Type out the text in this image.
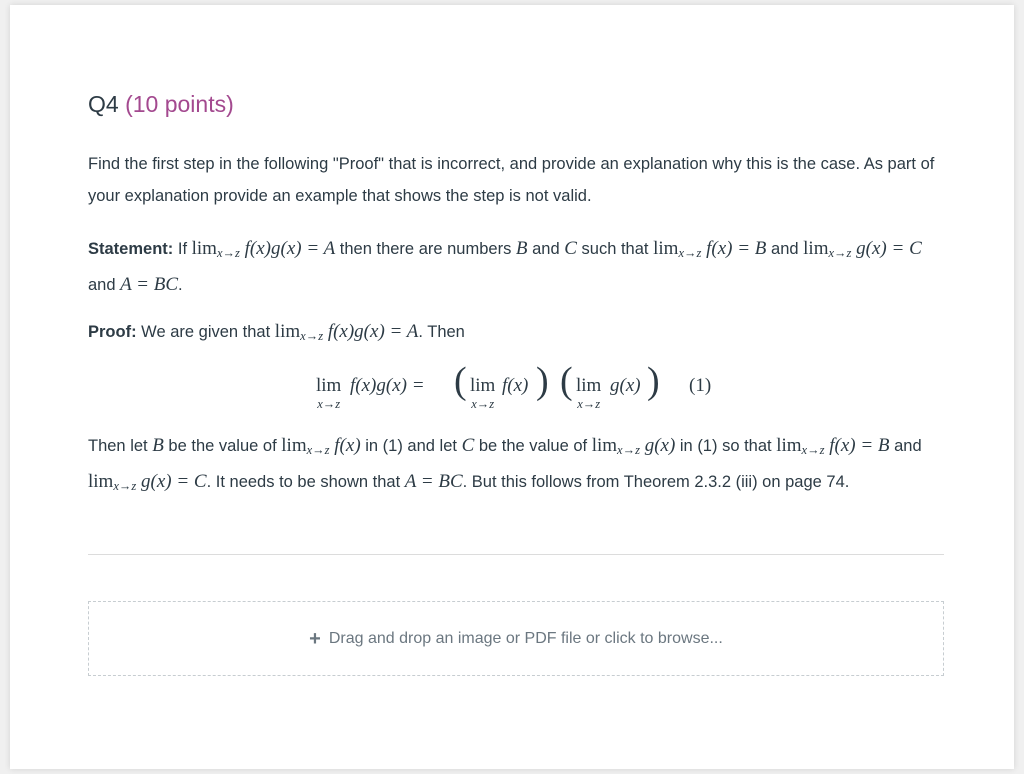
Q4 (10 points)
Find the first step in the following "Proof" that is incorrect, and provide an explanation why this is the case. As part of your explanation provide an example that shows the step is not valid.
Statement: If $\lim_{x\to z} f(x)g(x) = A$ then there are numbers B and C such that $\lim_{x\to z} f(x) = B$ and $\lim_{x\to z} g(x) = C$ and A = BC.
Proof: We are given that $\lim_{x\to z} f(x)g(x) = A$. Then
lim
x→z
f(x)g(x) = ( lim
x→z
f(x) ) ( lim
x→z
g(x) ) (1)
Then let B be the value of $\lim_{x\to z} f(x)$ in (1) and let C be the value of $\lim_{x\to z} g(x)$ in (1) so that $\lim_{x\to z} f(x) = B$ and $\lim_{x\to z} g(x) = C$. It needs to be shown that A = BC. But this follows from Theorem 2.3.2 (iii) on page 74.
+ Drag and drop an image or PDF file or click to browse...
